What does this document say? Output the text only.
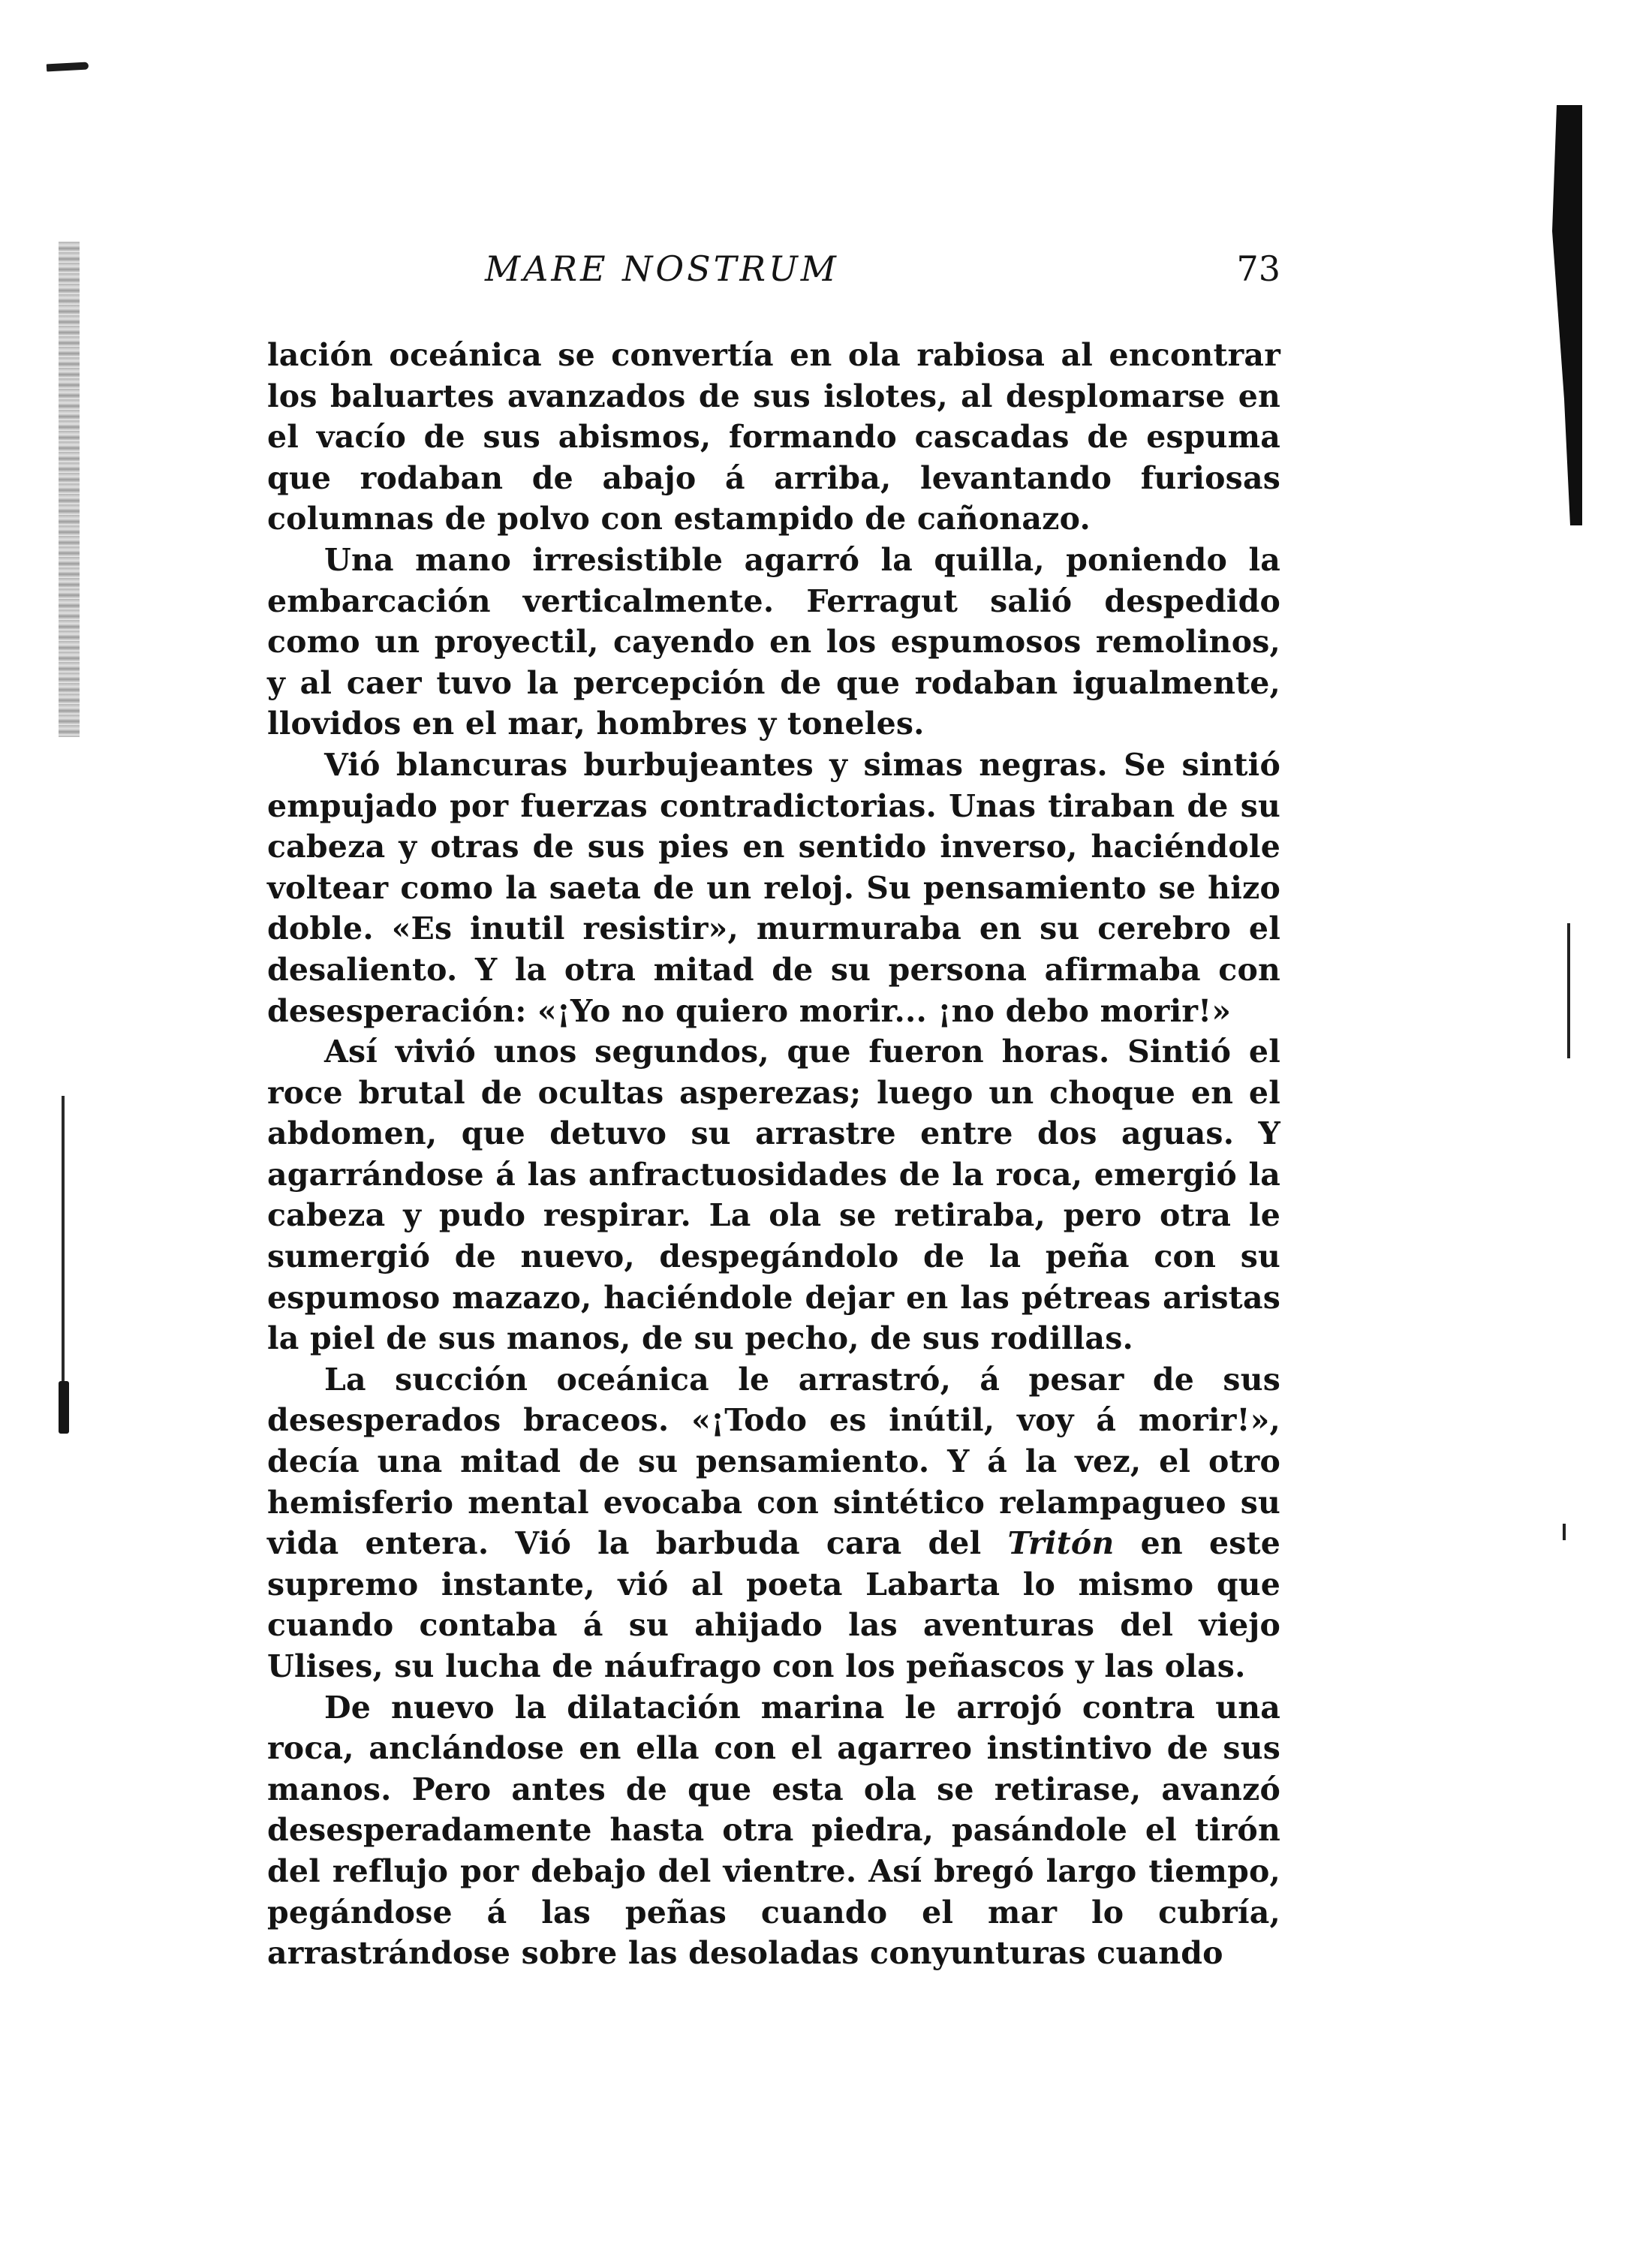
MARE NOSTRUM	73

lación oceánica se convertía en ola rabiosa al encontrar los baluartes avanzados de sus islotes, al desplomarse en el vacío de sus abismos, formando cascadas de espuma que rodaban de abajo á arriba, levantando furiosas columnas de polvo con estampido de cañonazo.

Una mano irresistible agarró la quilla, poniendo la embarcación verticalmente. Ferragut salió despedido como un proyectil, cayendo en los espumosos remolinos, y al caer tuvo la percepción de que rodaban igualmente, llovidos en el mar, hombres y toneles.

Vió blancuras burbujeantes y simas negras. Se sintió empujado por fuerzas contradictorias. Unas tiraban de su cabeza y otras de sus pies en sentido inverso, haciéndole voltear como la saeta de un reloj. Su pensamiento se hizo doble. «Es inutil resistir», murmuraba en su cerebro el desaliento. Y la otra mitad de su persona afirmaba con desesperación: «¡Yo no quiero morir... ¡no debo morir!»

Así vivió unos segundos, que fueron horas. Sintió el roce brutal de ocultas asperezas; luego un choque en el abdomen, que detuvo su arrastre entre dos aguas. Y agarrándose á las anfractuosidades de la roca, emergió la cabeza y pudo respirar. La ola se retiraba, pero otra le sumergió de nuevo, despegándolo de la peña con su espumoso mazazo, haciéndole dejar en las pétreas aristas la piel de sus manos, de su pecho, de sus rodillas.

La succión oceánica le arrastró, á pesar de sus desesperados braceos. «¡Todo es inútil, voy á morir!», decía una mitad de su pensamiento. Y á la vez, el otro hemisferio mental evocaba con sintético relampagueo su vida entera. Vió la barbuda cara del Tritón en este supremo instante, vió al poeta Labarta lo mismo que cuando contaba á su ahijado las aventuras del viejo Ulises, su lucha de náufrago con los peñascos y las olas.

De nuevo la dilatación marina le arrojó contra una roca, anclándose en ella con el agarreo instintivo de sus manos. Pero antes de que esta ola se retirase, avanzó desesperadamente hasta otra piedra, pasándole el tirón del reflujo por debajo del vientre. Así bregó largo tiempo, pegándose á las peñas cuando el mar lo cubría, arrastrándose sobre las desoladas conyunturas cuando
